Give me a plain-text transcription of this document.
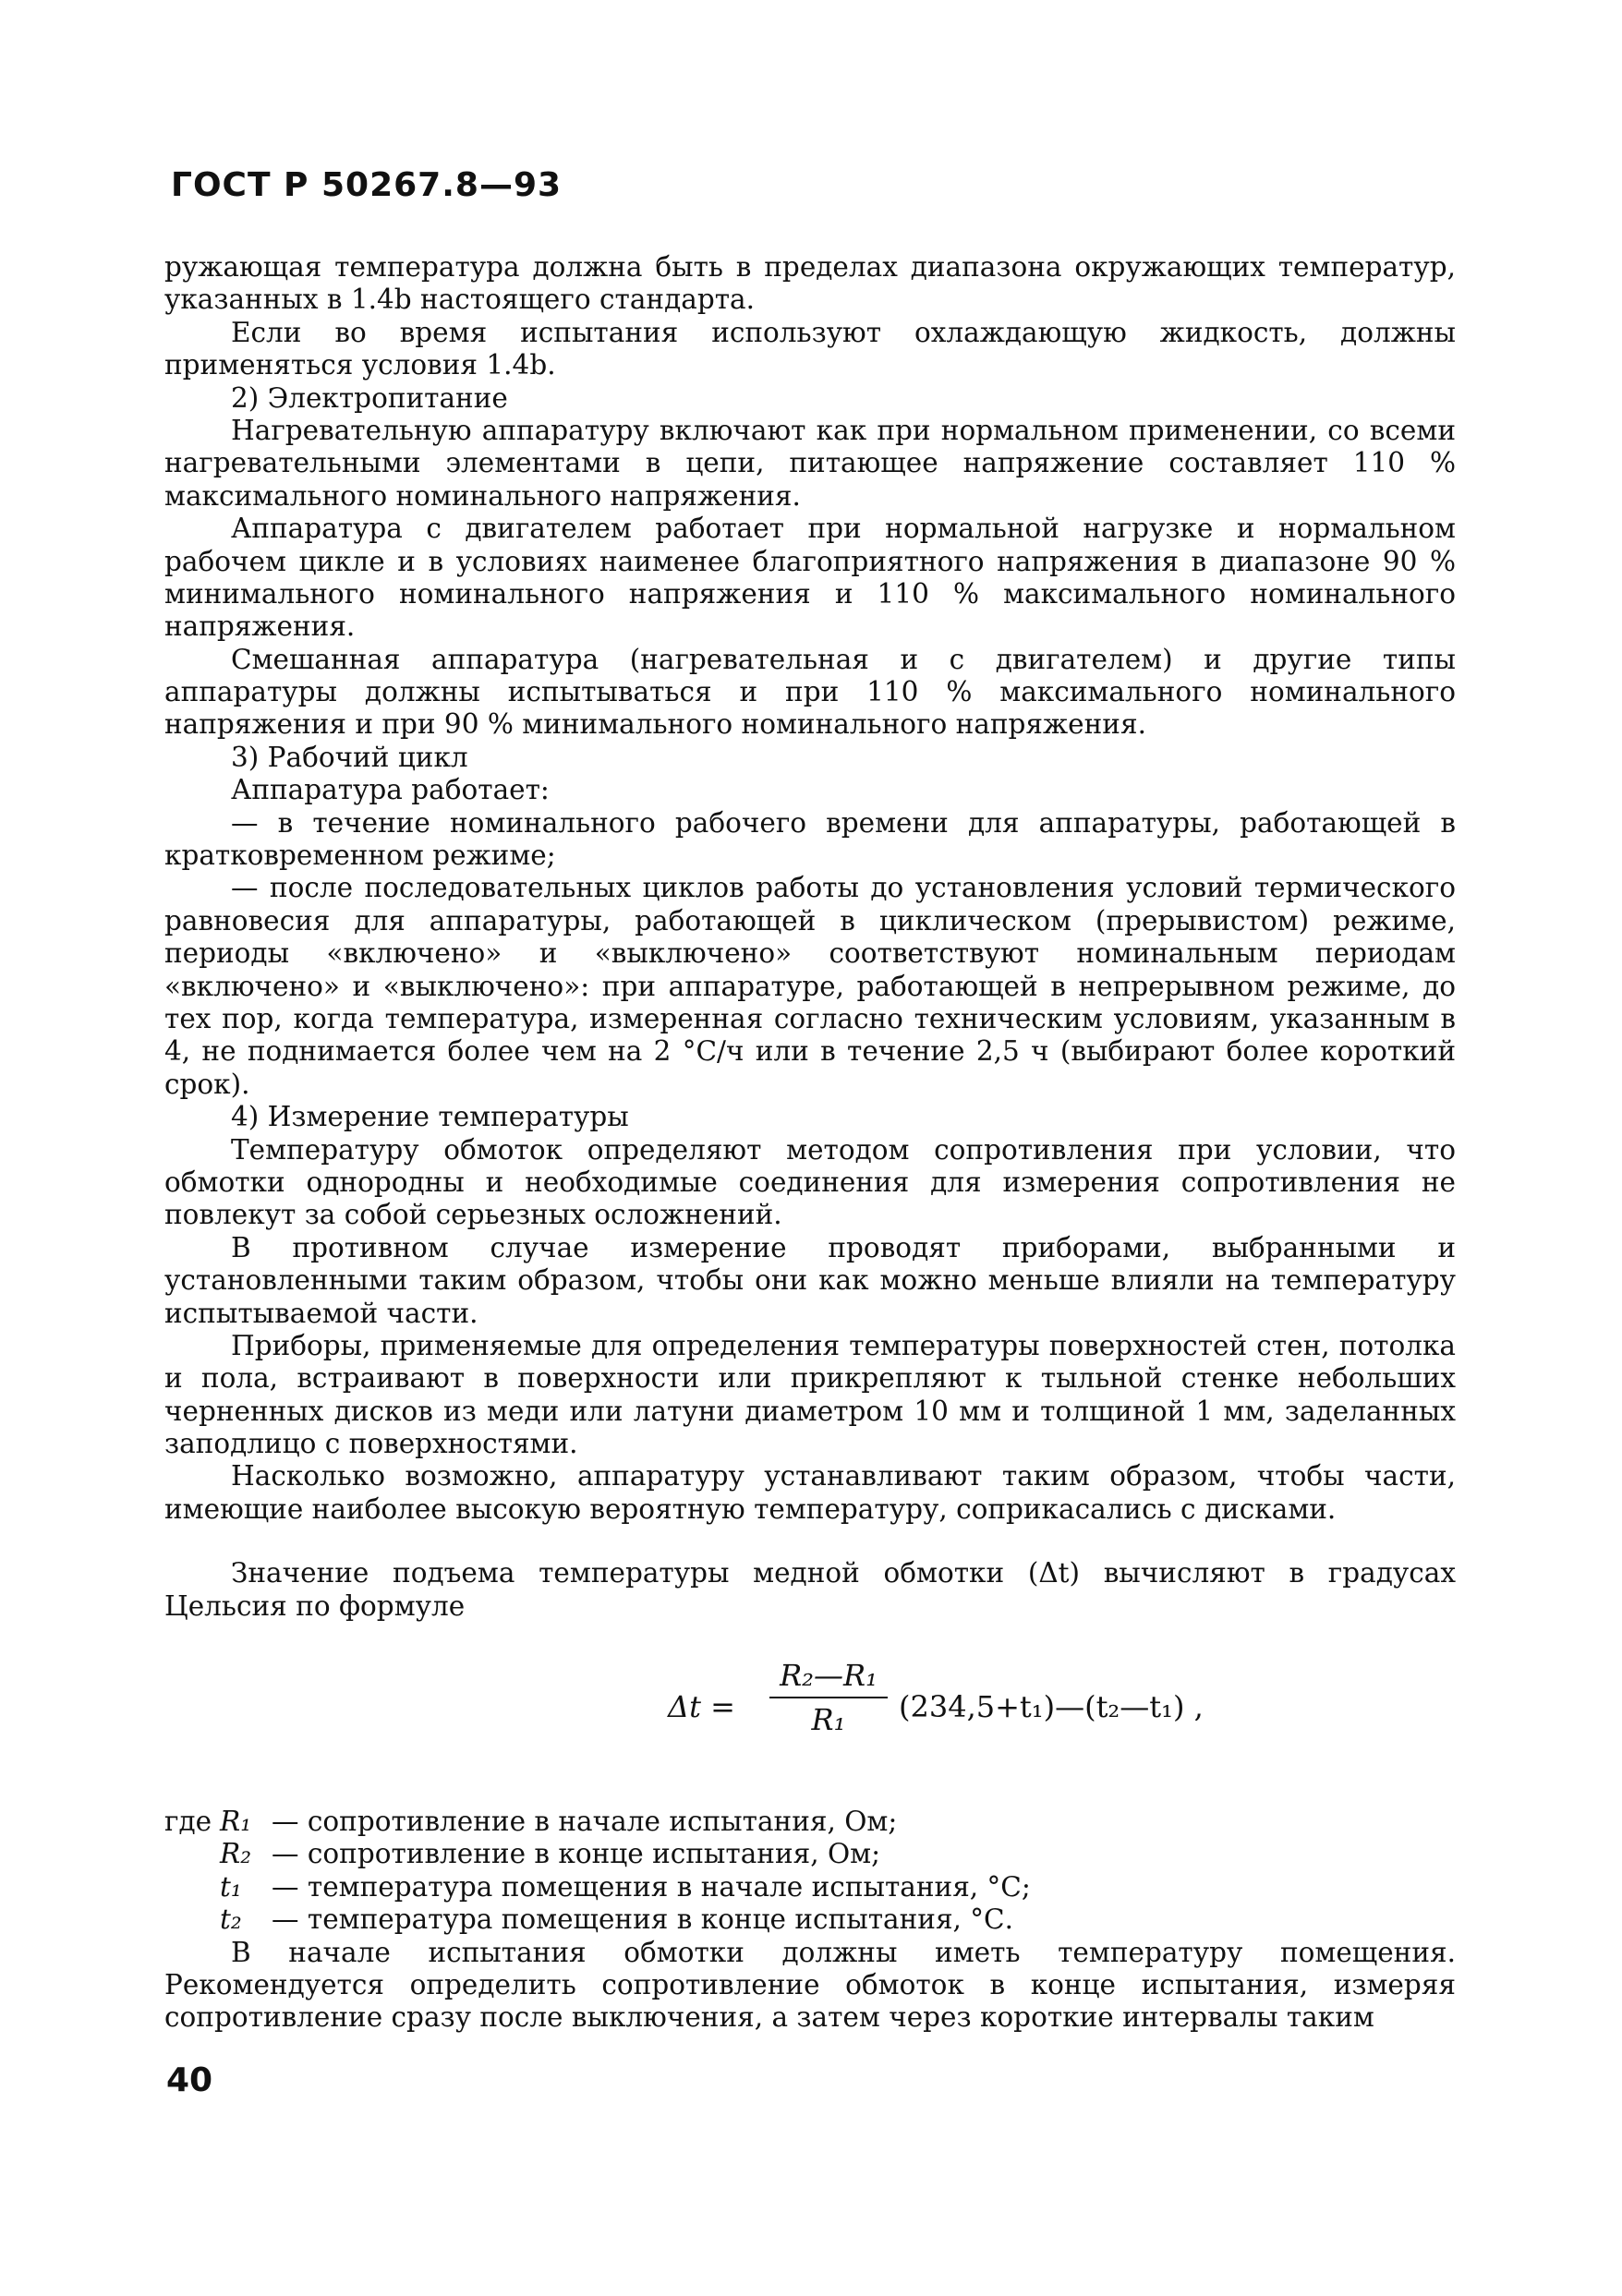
ГОСТ Р 50267.8—93

ружающая температура должна быть в пределах диапазона окружающих температур, указанных в 1.4b настоящего стандарта.

Если во время испытания используют охлаждающую жидкость, должны применяться условия 1.4b.

2) Электропитание

Нагревательную аппаратуру включают как при нормальном применении, со всеми нагревательными элементами в цепи, питающее напряжение составляет 110 % максимального номинального напряжения.

Аппаратура с двигателем работает при нормальной нагрузке и нормальном рабочем цикле и в условиях наименее благоприятного напряжения в диапазоне 90 % минимального номинального напряжения и 110 % максимального номинального напряжения.

Смешанная аппаратура (нагревательная и с двигателем) и другие типы аппаратуры должны испытываться и при 110 % максимального номинального напряжения и при 90 % минимального номинального напряжения.

3) Рабочий цикл

Аппаратура работает:

— в течение номинального рабочего времени для аппаратуры, работающей в кратковременном режиме;

— после последовательных циклов работы до установления условий термического равновесия для аппаратуры, работающей в циклическом (прерывистом) режиме, периоды «включено» и «выключено» соответствуют номинальным периодам «включено» и «выключено»: при аппаратуре, работающей в непрерывном режиме, до тех пор, когда температура, измеренная согласно техническим условиям, указанным в 4, не поднимается более чем на 2 °С/ч или в течение 2,5 ч (выбирают более короткий срок).

4) Измерение температуры

Температуру обмоток определяют методом сопротивления при условии, что обмотки однородны и необходимые соединения для измерения сопротивления не повлекут за собой серьезных осложнений.

В противном случае измерение проводят приборами, выбранными и установленными таким образом, чтобы они как можно меньше влияли на температуру испытываемой части.

Приборы, применяемые для определения температуры поверхностей стен, потолка и пола, встраивают в поверхности или прикрепляют к тыльной стенке небольших черненных дисков из меди или латуни диаметром 10 мм и толщиной 1 мм, заделанных заподлицо с поверхностями.

Насколько возможно, аппаратуру устанавливают таким образом, чтобы части, имеющие наиболее высокую вероятную температуру, соприкасались с дисками.

Значение подъема температуры медной обмотки (Δt) вычисляют в градусах Цельсия по формуле

$\Delta t = \frac{\text{R₂—R₁}}{\text{R₁}}$ (234,5+t₁)—(t₂—t₁) ,
где R₁ — сопротивление в начале испытания, Ом;
R₂ — сопротивление в конце испытания, Ом;
t₁	— температура помещения в начале испытания, °С;
t₂	— температура помещения в конце испытания, °С.

В начале испытания обмотки должны иметь температуру помещения. Рекомендуется определить сопротивление обмоток в конце испытания, измеряя сопротивление сразу после выключения, а затем через короткие интервалы таким

40
